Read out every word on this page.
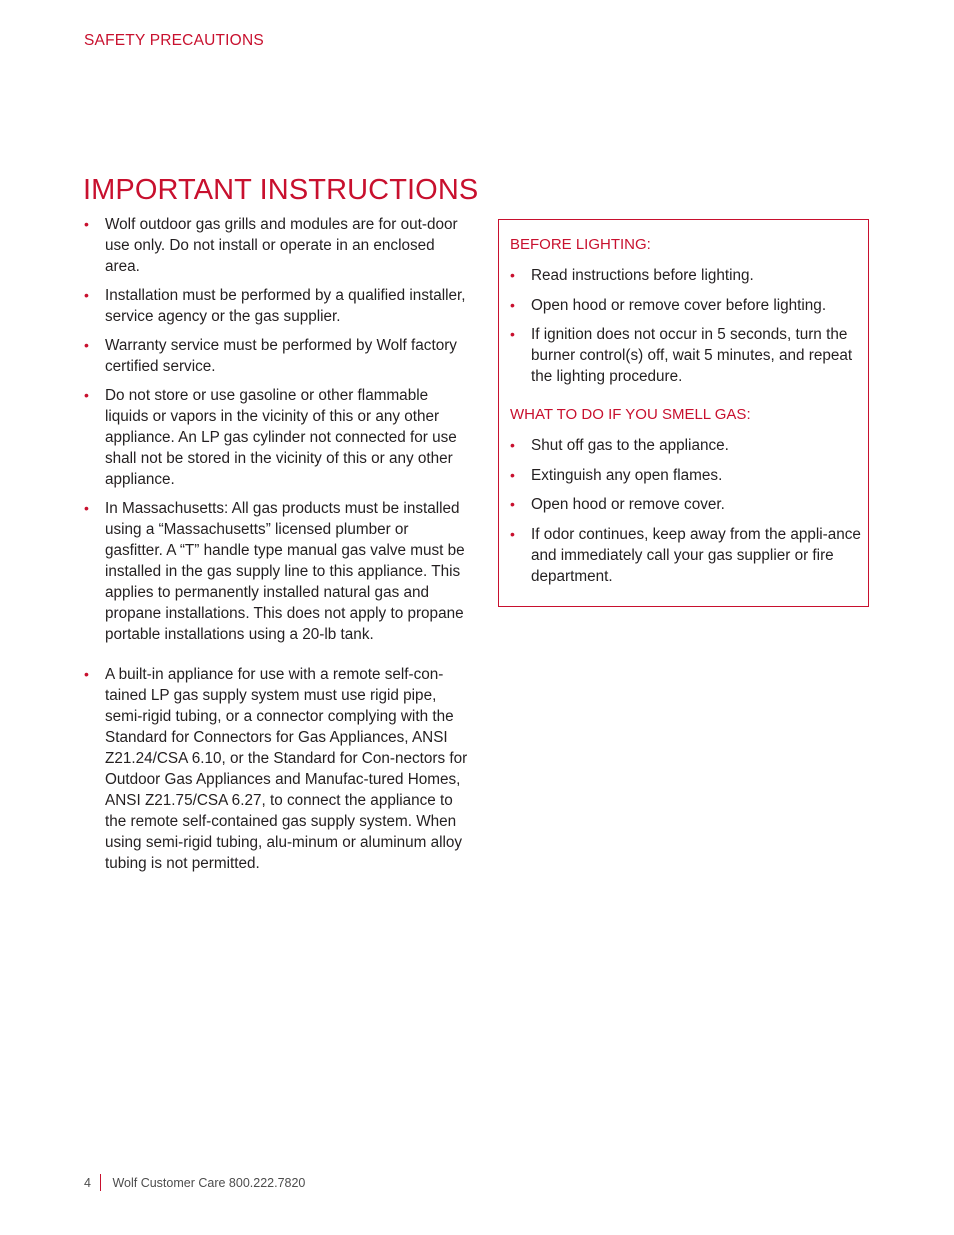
SAFETY PRECAUTIONS
IMPORTANT INSTRUCTIONS
• Wolf outdoor gas grills and modules are for out-door use only. Do not install or operate in an enclosed area.
• Installation must be performed by a qualified installer, service agency or the gas supplier.
• Warranty service must be performed by Wolf factory certified service.
• Do not store or use gasoline or other flammable liquids or vapors in the vicinity of this or any other appliance. An LP gas cylinder not connected for use shall not be stored in the vicinity of this or any other appliance.
• In Massachusetts: All gas products must be installed using a “Massachusetts” licensed plumber or gasfitter. A “T” handle type manual gas valve must be installed in the gas supply line to this appliance. This applies to permanently installed natural gas and propane installations. This does not apply to propane portable installations using a 20-lb tank.
• A built-in appliance for use with a remote self-con-tained LP gas supply system must use rigid pipe, semi-rigid tubing, or a connector complying with the Standard for Connectors for Gas Appliances, ANSI Z21.24/CSA 6.10, or the Standard for Con-nectors for Outdoor Gas Appliances and Manufac-tured Homes, ANSI Z21.75/CSA 6.27, to connect the appliance to the remote self-contained gas supply system. When using semi-rigid tubing, alu-minum or aluminum alloy tubing is not permitted.
BEFORE LIGHTING:
• Read instructions before lighting.
• Open hood or remove cover before lighting.
• If ignition does not occur in 5 seconds, turn the burner control(s) off, wait 5 minutes, and repeat the lighting procedure.
WHAT TO DO IF YOU SMELL GAS:
• Shut off gas to the appliance.
• Extinguish any open flames.
• Open hood or remove cover.
• If odor continues, keep away from the appli-ance and immediately call your gas supplier or fire department.
4 Wolf Customer Care 800.222.7820
